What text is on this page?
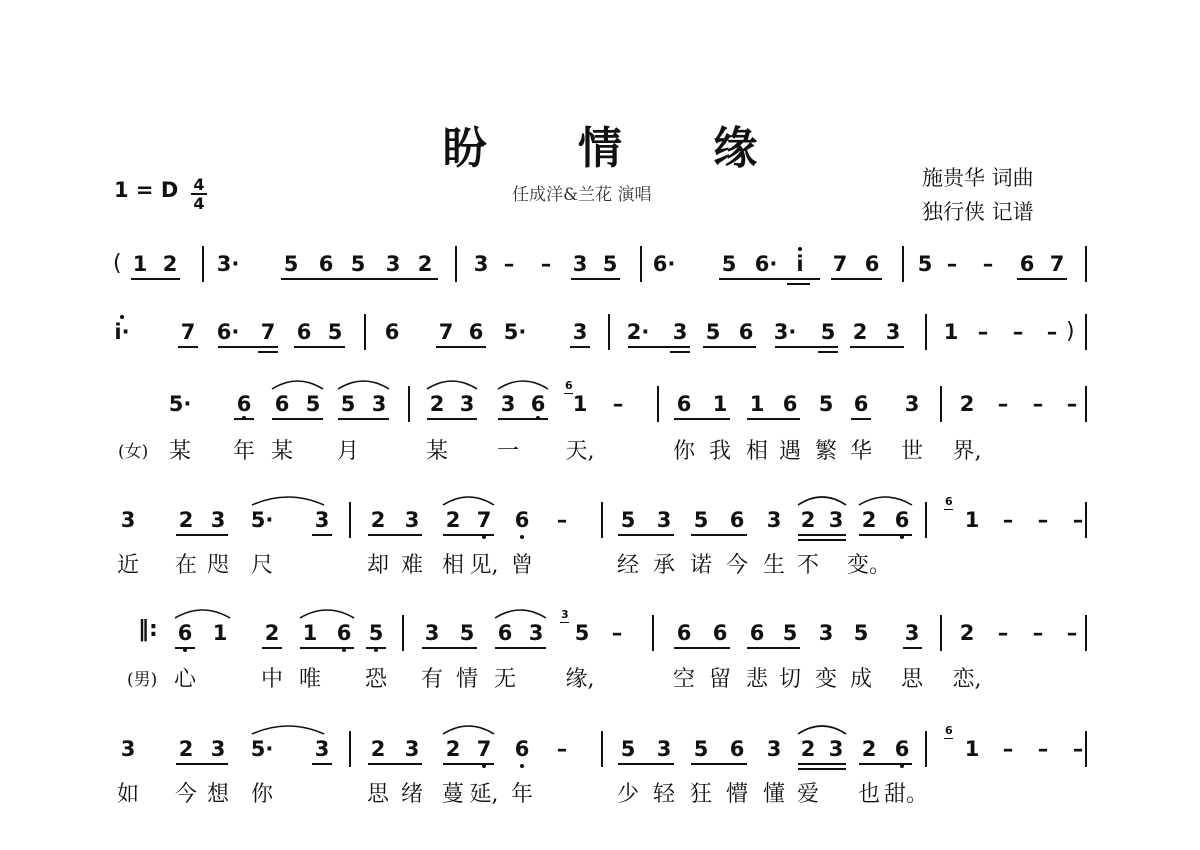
盼 情 缘
1 = D 4
4	任成洋&兰花 演唱
施贵华 词曲
独行侠 记谱
1 2 3· 5 6 5 3 2 3	3 5 6· 5 6· i 7 6 5	6 7
– –	– –
i· 7 6· 7 6 5 6 7 6 5· 3 2· 3 5 6 3· 5 2 3 1 – – –
5· 6 6 5 5 3 2 3 3 6 1	6 1 1 6 5 6 3 2
–	– – –
6
某 年 某 月	某 一 天,	你 我 相 遇 繁 华 世 界,
(女)
3 2 3 5· 3 2 3 2 7 6	5 3 5 6 3 2 3 2 6	1
–	– – –
6
近 在 咫 尺	却 难 相 见, 曾	经 承 诺 今 生 不 变。
6 1 2 1 6 5 3 5 6 3 5	6 6 6 5 3 5 3 2
–	– – –
3
心	中 唯 恐 有 情 无 缘,	空 留 悲 切 变 成 思 恋,
(男)
‖:
3 2 3 5· 3 2 3 2 7 6	5 3 5 6 3 2 3 2 6	1
–	– – –
6
如 今 想 你	思 绪 蔓 延, 年	少 轻 狂 懵 懂 爱 也 甜。
(
)
